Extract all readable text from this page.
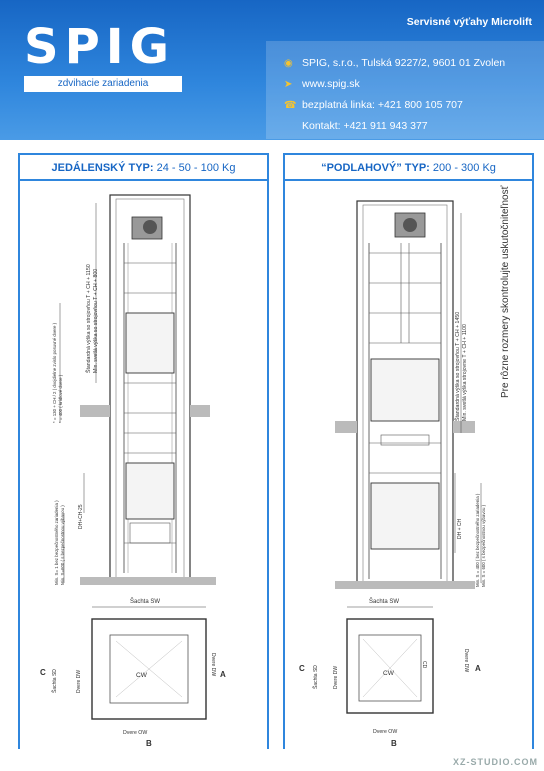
Servisné výťahy Microlift
SPIG
zdvihacie zariadenia
◉ SPIG, s.r.o., Tulská 9227/2, 9601 01 Zvolen
➤ www.spig.sk
☎ bezplatná linka: +421 800 105 707
Kontakt: +421 911 943 377
JEDÁLENSKÝ TYP: 24 - 50 - 100 Kg
Štandardná výška so strojovňou T + CH + 1150 Min. svetlá výška so strojovňou T + CH + 800
* = 130 + CH / 2 ( dvojdielne zvislo posuvné dvere ) * = 400 ( krídlové dvere )
DH+CH-25
Min. S= 1 bez bezpečnostného zariadenia ) Min. S=600 ( s bezpečnostnou výbavou )
Šachta SW
CW
Dvere OW
B
A
C Šachta SD	Dvere DW
Dvere DW
“PODLAHOVÝ” TYP: 200 - 300 Kg
Štandardná výška so strojovňou T + CH + 1450 Min. svetlá výška strojovne T + CH + 1100
DH + CH	Min. S = 400 ( bez bezpečnostného zariadenia ) Min. S = 600 ( s bezpečnostnou výbavou )
Šachta SW
CW
CD
Dvere OW
B
A
C Šachta SD	Dvere DW
Dvere DW
Pre rôzne rozmery skontrolujte uskutočniteľnosť
XZ-STUDIO.COM
